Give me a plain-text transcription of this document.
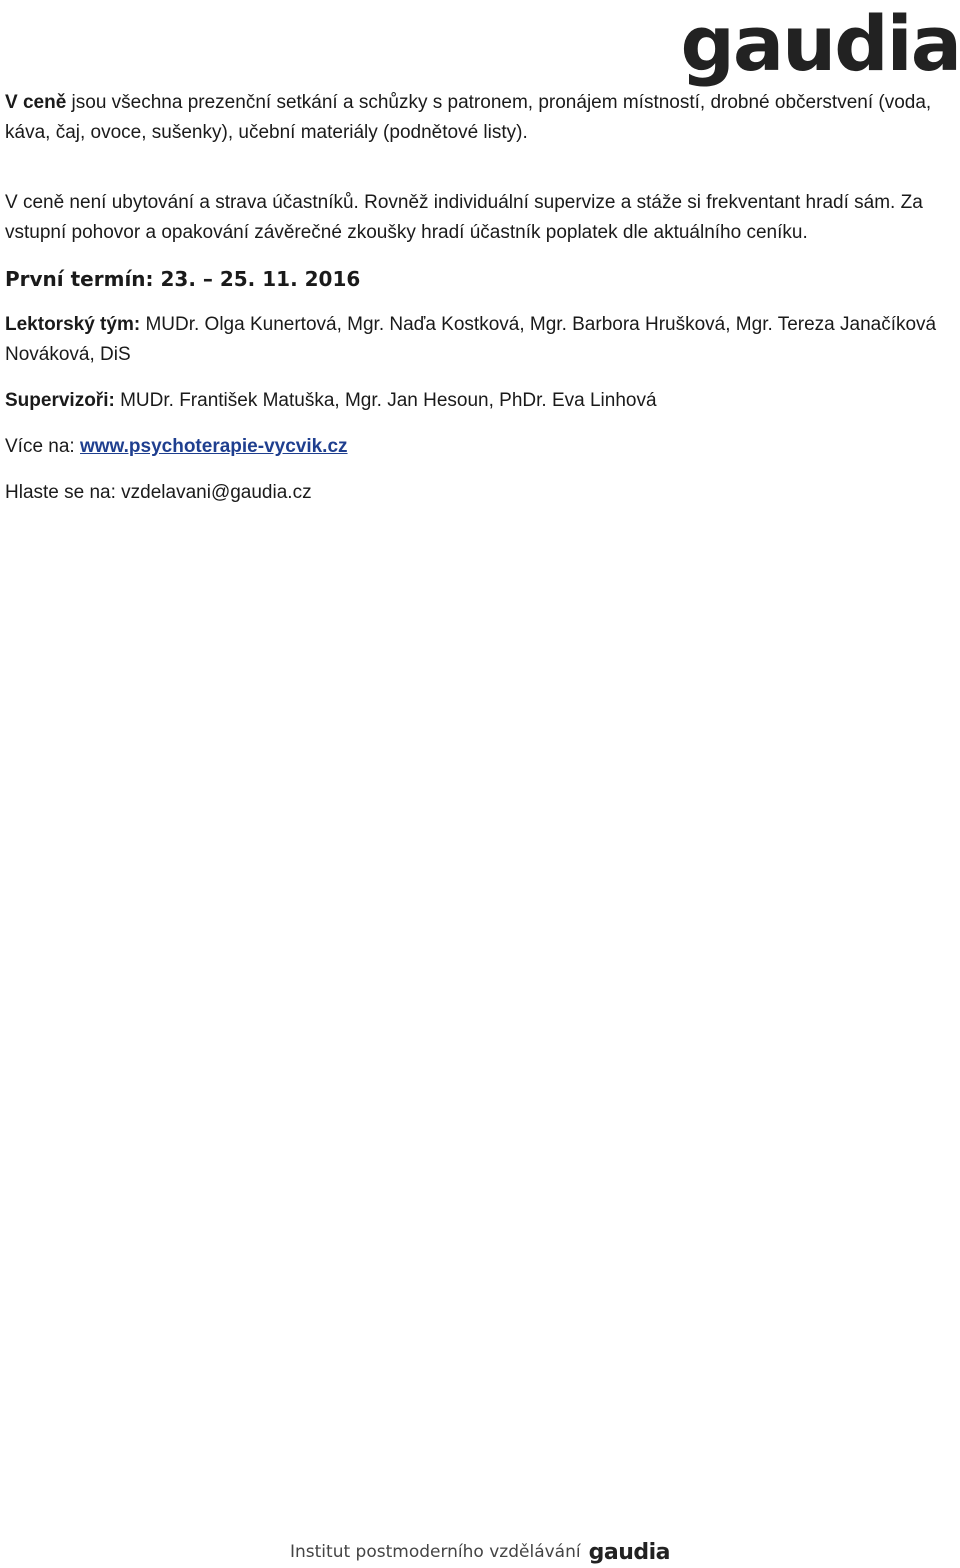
gaudia

V ceně jsou všechna prezenční setkání a schůzky s patronem, pronájem místností, drobné občerstvení (voda, káva, čaj, ovoce, sušenky), učební materiály (podnětové listy).

V ceně není ubytování a strava účastníků. Rovněž individuální supervize a stáže si frekventant hradí sám. Za vstupní pohovor a opakování závěrečné zkoušky hradí účastník poplatek dle aktuálního ceníku.

První termín: 23. – 25. 11. 2016

Lektorský tým: MUDr. Olga Kunertová, Mgr. Naďa Kostková, Mgr. Barbora Hrušková, Mgr. Tereza Janačíková Nováková, DiS

Supervizoři: MUDr. František Matuška, Mgr. Jan Hesoun, PhDr. Eva Linhová

Více na: www.psychoterapie-vycvik.cz

Hlaste se na: vzdelavani@gaudia.cz

Institut postmoderního vzdělávání gaudia
